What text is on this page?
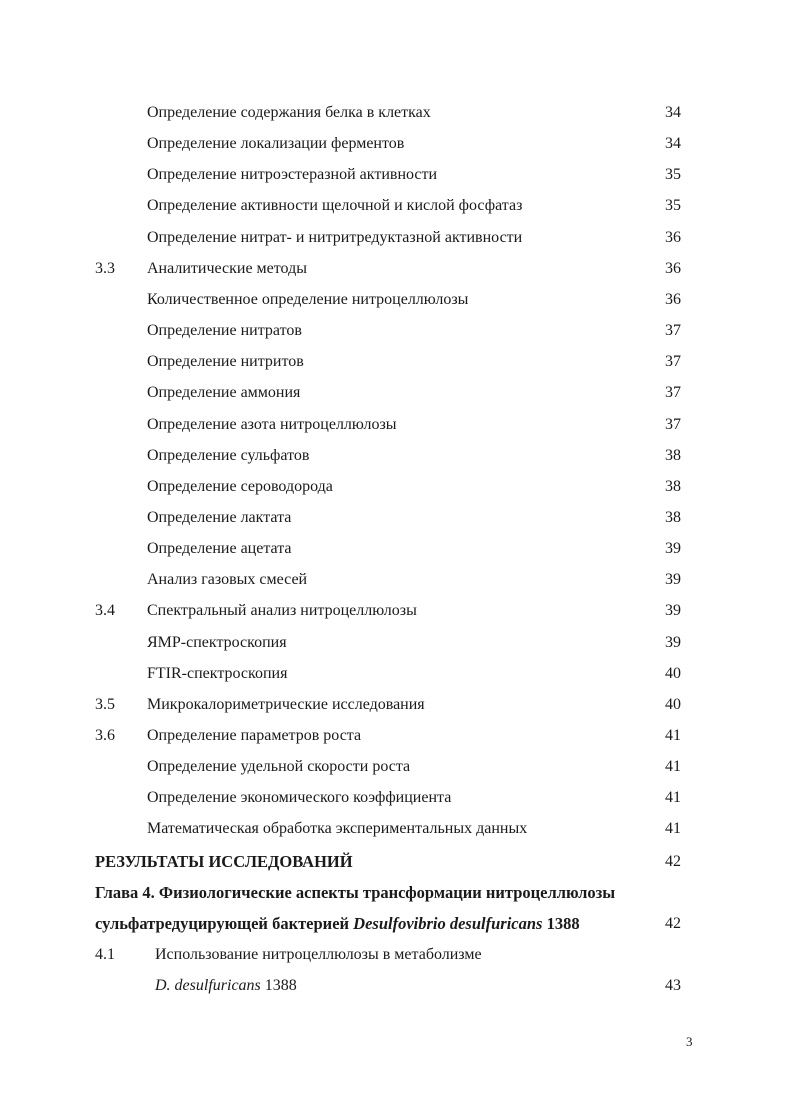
Определение содержания белка в клетках	34
Определение локализации ферментов	34
Определение нитроэстеразной активности	35
Определение активности щелочной и кислой фосфатаз	35
Определение нитрат- и нитритредуктазной активности	36
3.3 Аналитические методы	36
Количественное определение нитроцеллюлозы	36
Определение нитратов	37
Определение нитритов	37
Определение аммония	37
Определение азота нитроцеллюлозы	37
Определение сульфатов	38
Определение сероводорода	38
Определение лактата	38
Определение ацетата	39
Анализ газовых смесей	39
3.4 Спектральный анализ нитроцеллюлозы	39
ЯМР-спектроскопия	39
FTIR-спектроскопия	40
3.5 Микрокалориметрические исследования	40
3.6 Определение параметров роста	41
Определение удельной скорости роста	41
Определение экономического коэффициента	41
Математическая обработка экспериментальных данных	41
РЕЗУЛЬТАТЫ ИССЛЕДОВАНИЙ	42
Глава 4. Физиологические аспекты трансформации нитроцеллюлозы
сульфатредуцирующей бактерией Desulfovibrio desulfuricans 1388	42
4.1	Использование нитроцеллюлозы в метаболизме
D. desulfuricans 1388	43
3
